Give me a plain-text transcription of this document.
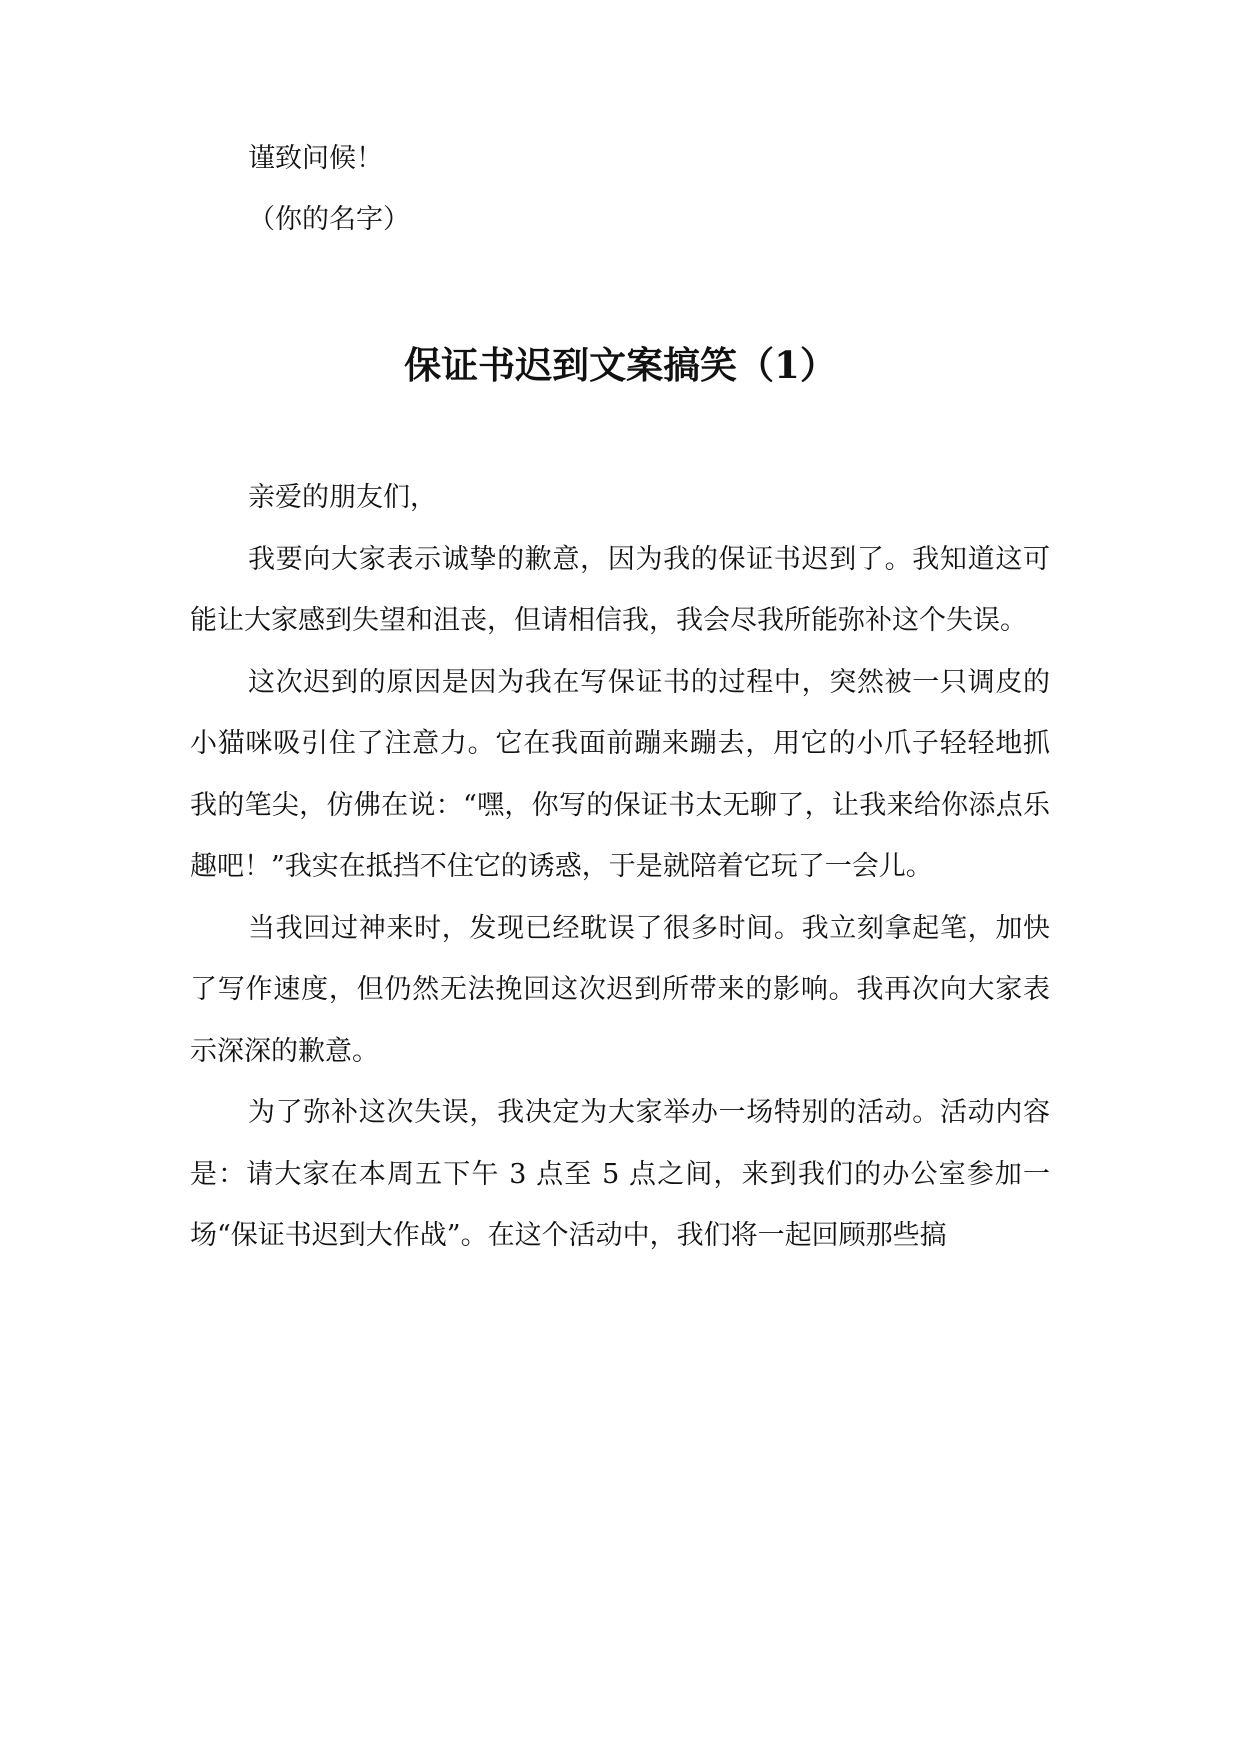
谨致问候！
（你的名字）
保证书迟到文案搞笑（1）

亲爱的朋友们，

我要向大家表示诚挚的歉意，因为我的保证书迟到了。我知道这可能让大家感到失望和沮丧，但请相信我，我会尽我所能弥补这个失误。

这次迟到的原因是因为我在写保证书的过程中，突然被一只调皮的小猫咪吸引住了注意力。它在我面前蹦来蹦去，用它的小爪子轻轻地抓我的笔尖，仿佛在说：“嘿，你写的保证书太无聊了，让我来给你添点乐趣吧！”我实在抵挡不住它的诱惑，于是就陪着它玩了一会儿。

当我回过神来时，发现已经耽误了很多时间。我立刻拿起笔，加快了写作速度，但仍然无法挽回这次迟到所带来的影响。我再次向大家表示深深的歉意。

为了弥补这次失误，我决定为大家举办一场特别的活动。活动内容是：请大家在本周五下午 3 点至 5 点之间，来到我们的办公室参加一场“保证书迟到大作战”。在这个活动中，我们将一起回顾那些搞
